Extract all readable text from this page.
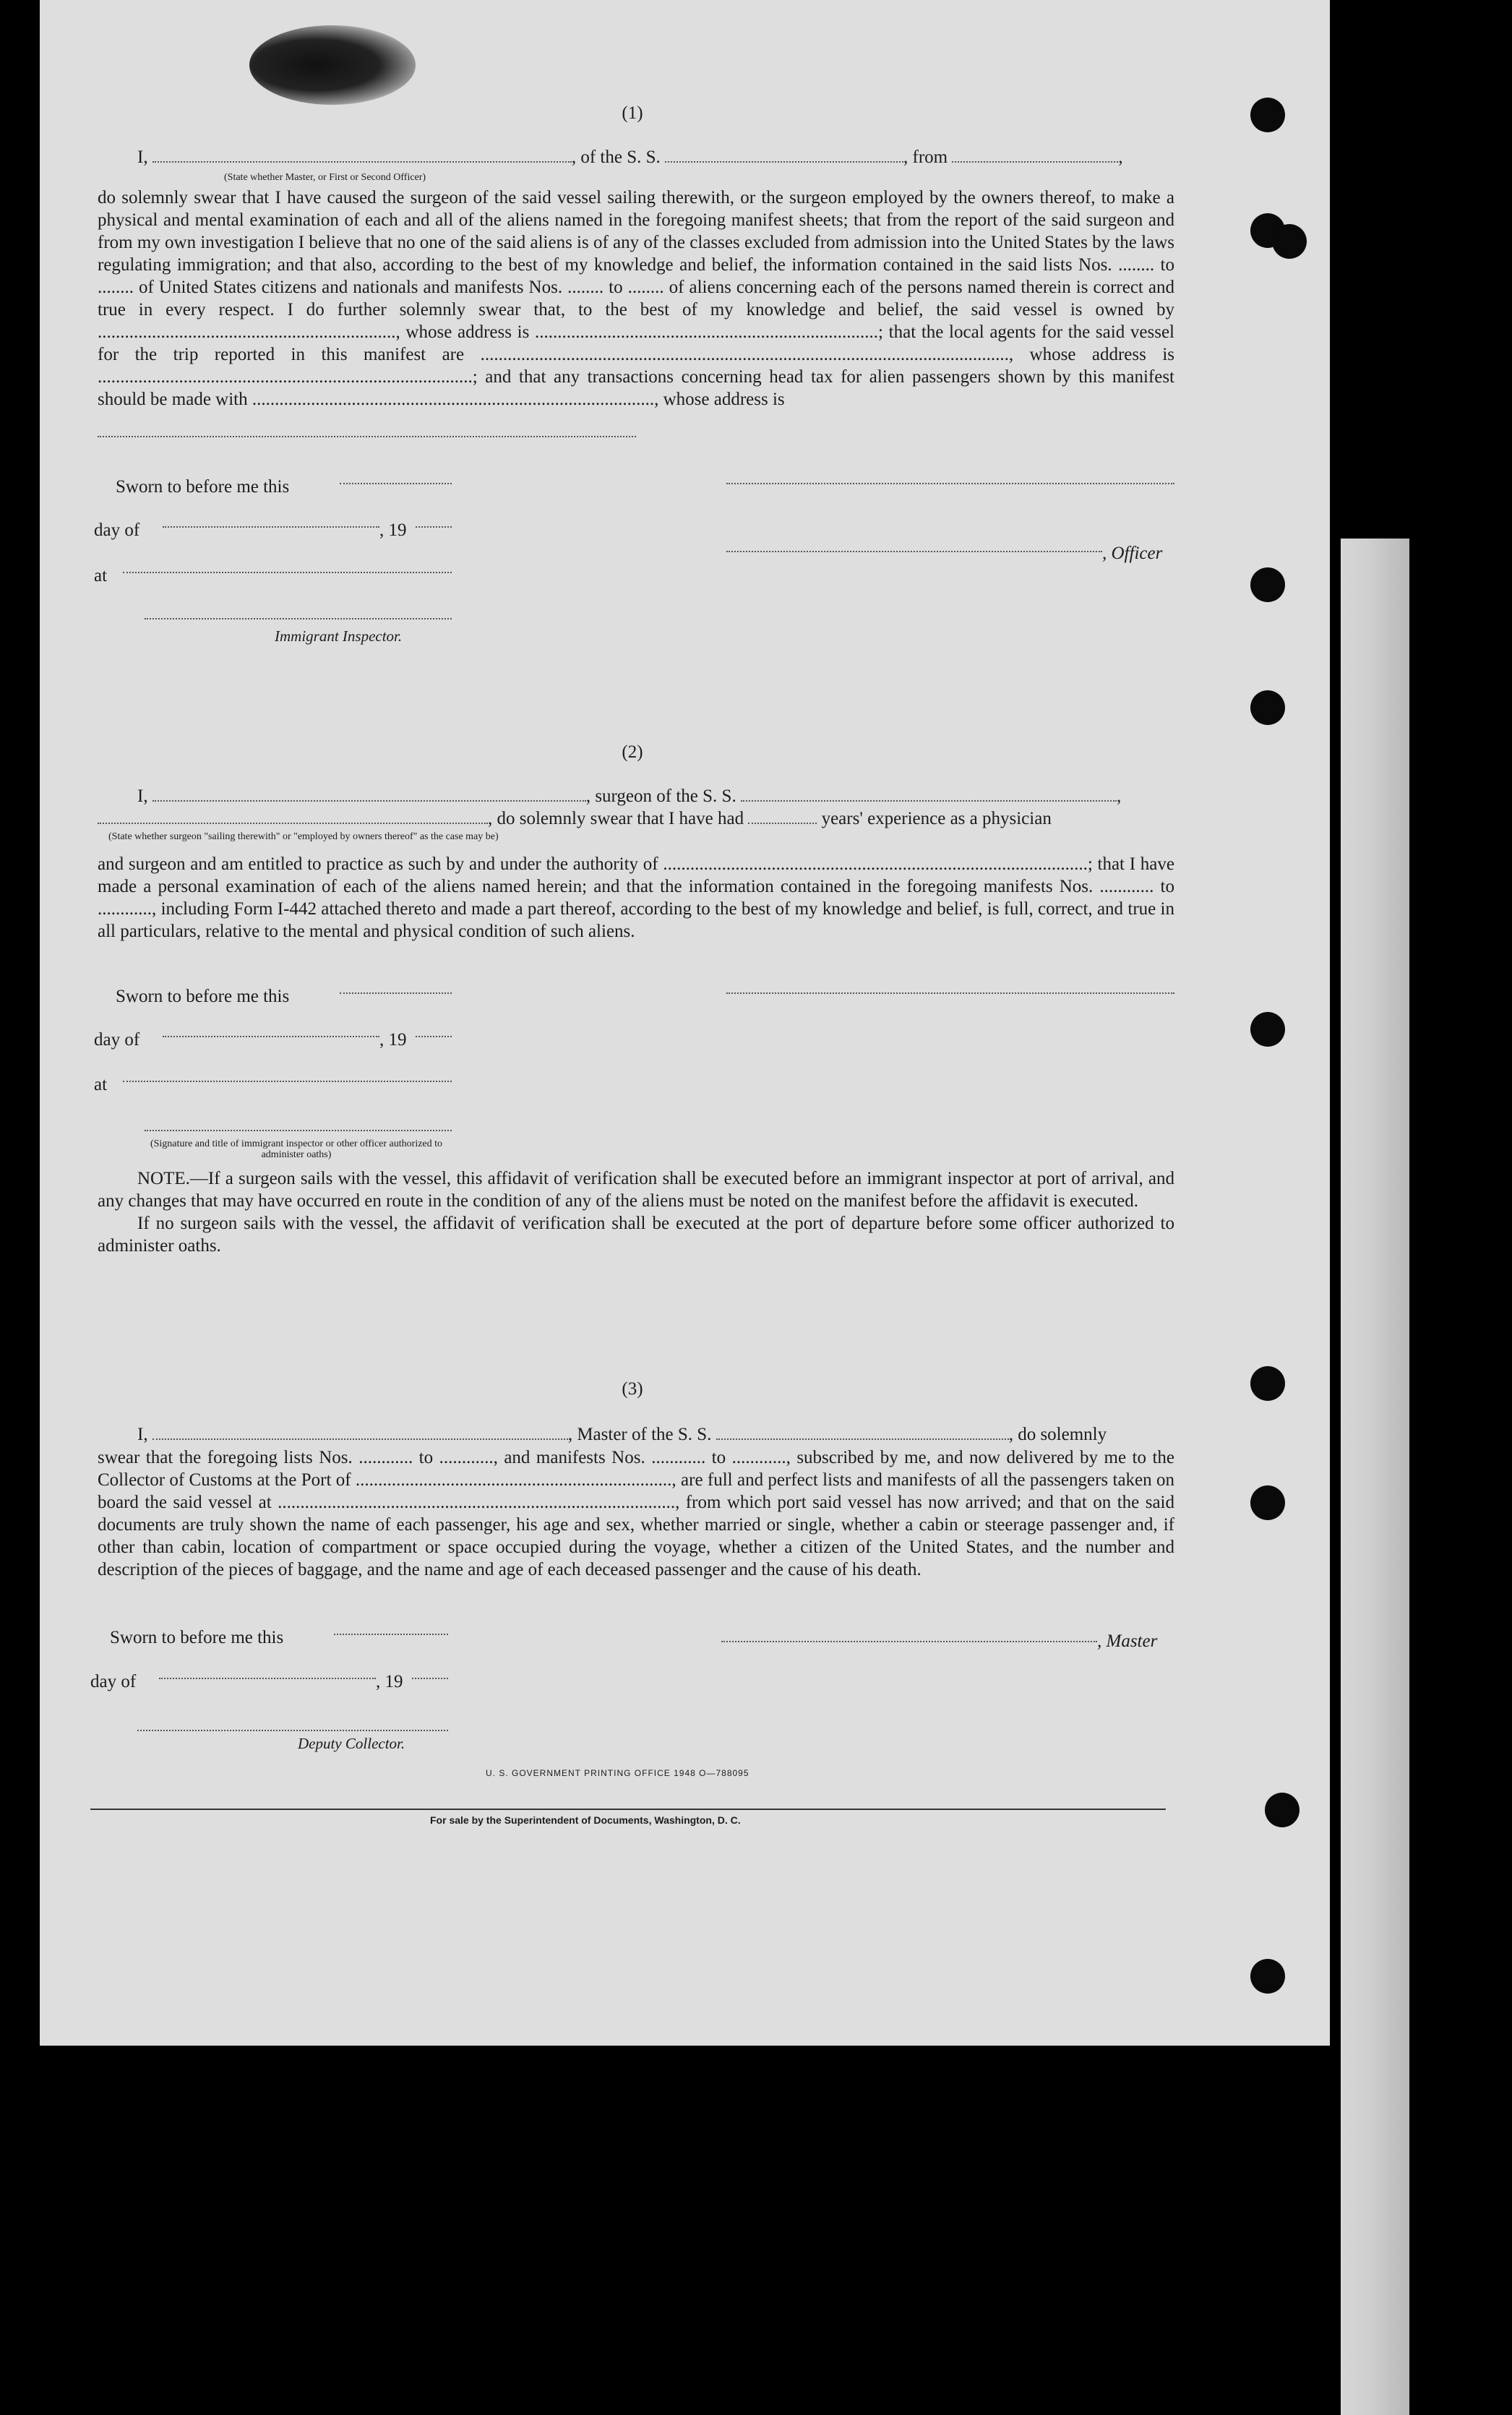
(1)
I,	, of the S. S.	, from	,
(State whether Master, or First or Second Officer)

do solemnly swear that I have caused the surgeon of the said vessel sailing therewith, or the surgeon employed by the owners thereof, to make a physical and mental examination of each and all of the aliens named in the foregoing manifest sheets; that from the report of the said surgeon and from my own investigation I believe that no one of the said aliens is of any of the classes excluded from admission into the United States by the laws regulating immigration; and that also, according to the best of my knowledge and belief, the information contained in the said lists Nos. ........ to ........ of United States citizens and nationals and manifests Nos. ........ to ........ of aliens concerning each of the persons named therein is correct and true in every respect. I do further solemnly swear that, to the best of my knowledge and belief, the said vessel is owned by .................................................................., whose address is ............................................................................; that the local agents for the said vessel for the trip reported in this manifest are ....................................................................................................................., whose address is ...................................................................................; and that any transactions concerning head tax for alien passengers shown by this manifest should be made with ........................................................................................., whose address is

Sworn to before me this
day of	, 19
, Officer
at
Immigrant Inspector.
(2)
I,	, surgeon of the S. S.	,
, do solemnly swear that I have had	years' experience as a physician
(State whether surgeon "sailing therewith" or "employed by owners thereof" as the case may be)

and surgeon and am entitled to practice as such by and under the authority of ..............................................................................................; that I have made a personal examination of each of the aliens named herein; and that the information contained in the foregoing manifests Nos. ............ to ............, including Form I-442 attached thereto and made a part thereof, according to the best of my knowledge and belief, is full, correct, and true in all particulars, relative to the mental and physical condition of such aliens.

Sworn to before me this
day of	, 19
at
(Signature and title of immigrant inspector or other officer authorized to administer oaths)

NOTE.—If a surgeon sails with the vessel, this affidavit of verification shall be executed before an immigrant inspector at port of arrival, and any changes that may have occurred en route in the condition of any of the aliens must be noted on the manifest before the affidavit is executed.

If no surgeon sails with the vessel, the affidavit of verification shall be executed at the port of departure before some officer authorized to administer oaths.

(3)
I,	, Master of the S. S.	, do solemnly

swear that the foregoing lists Nos. ............ to ............, and manifests Nos. ............ to ............, subscribed by me, and now delivered by me to the Collector of Customs at the Port of ......................................................................, are full and perfect lists and manifests of all the passengers taken on board the said vessel at ........................................................................................, from which port said vessel has now arrived; and that on the said documents are truly shown the name of each passenger, his age and sex, whether married or single, whether a cabin or steerage passenger and, if other than cabin, location of compartment or space occupied during the voyage, whether a citizen of the United States, and the number and description of the pieces of baggage, and the name and age of each deceased passenger and the cause of his death.

Sworn to before me this	, Master
day of	, 19
Deputy Collector.
U. S. GOVERNMENT PRINTING OFFICE 1948 O—788095
For sale by the Superintendent of Documents, Washington, D. C.
